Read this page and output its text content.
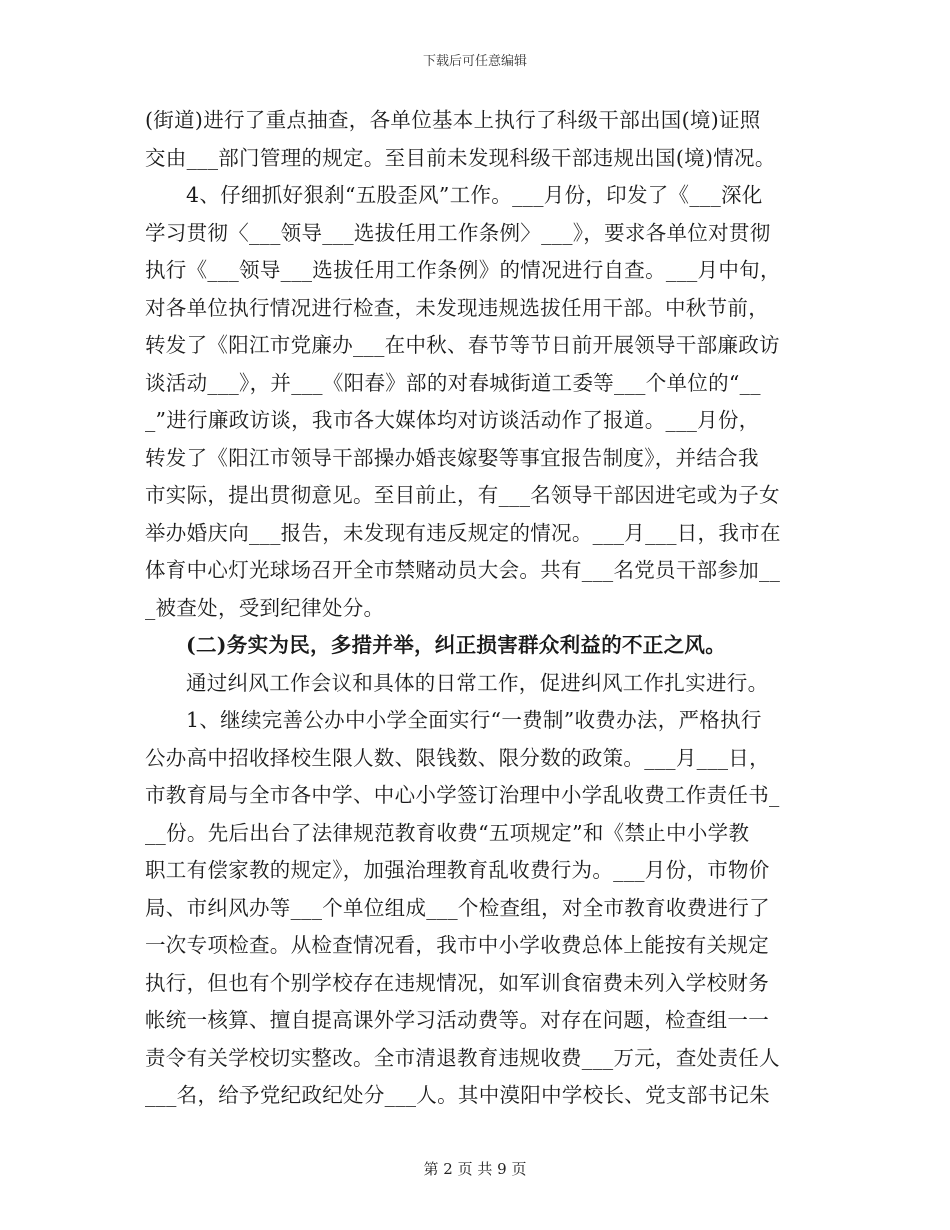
下载后可任意编辑
(街道)进行了重点抽查，各单位基本上执行了科级干部出国(境)证照
交由___部门管理的规定。至目前未发现科级干部违规出国(境)情况。
4、仔细抓好狠刹“五股歪风”工作。___月份，印发了《___深化
学习贯彻〈___领导___选拔任用工作条例〉___》，要求各单位对贯彻
执行《___领导___选拔任用工作条例》的情况进行自查。___月中旬，
对各单位执行情况进行检查，未发现违规选拔任用干部。中秋节前，
转发了《阳江市党廉办___在中秋、春节等节日前开展领导干部廉政访
谈活动___》，并___《阳春》部的对春城街道工委等___个单位的“__
_”进行廉政访谈，我市各大媒体均对访谈活动作了报道。___月份，
转发了《阳江市领导干部操办婚丧嫁娶等事宜报告制度》，并结合我
市实际，提出贯彻意见。至目前止，有___名领导干部因进宅或为子女
举办婚庆向___报告，未发现有违反规定的情况。___月___日，我市在
体育中心灯光球场召开全市禁赌动员大会。共有___名党员干部参加__
_被查处，受到纪律处分。
(二)务实为民，多措并举，纠正损害群众利益的不正之风。
通过纠风工作会议和具体的日常工作，促进纠风工作扎实进行。
1、继续完善公办中小学全面实行“一费制”收费办法，严格执行
公办高中招收择校生限人数、限钱数、限分数的政策。___月___日，
市教育局与全市各中学、中心小学签订治理中小学乱收费工作责任书_
__份。先后出台了法律规范教育收费“五项规定”和《禁止中小学教
职工有偿家教的规定》，加强治理教育乱收费行为。___月份，市物价
局、市纠风办等___个单位组成___个检查组，对全市教育收费进行了
一次专项检查。从检查情况看，我市中小学收费总体上能按有关规定
执行，但也有个别学校存在违规情况，如军训食宿费未列入学校财务
帐统一核算、擅自提高课外学习活动费等。对存在问题，检查组一一
责令有关学校切实整改。全市清退教育违规收费___万元，查处责任人
___名，给予党纪政纪处分___人。其中漠阳中学校长、党支部书记朱
第 2 页 共 9 页
